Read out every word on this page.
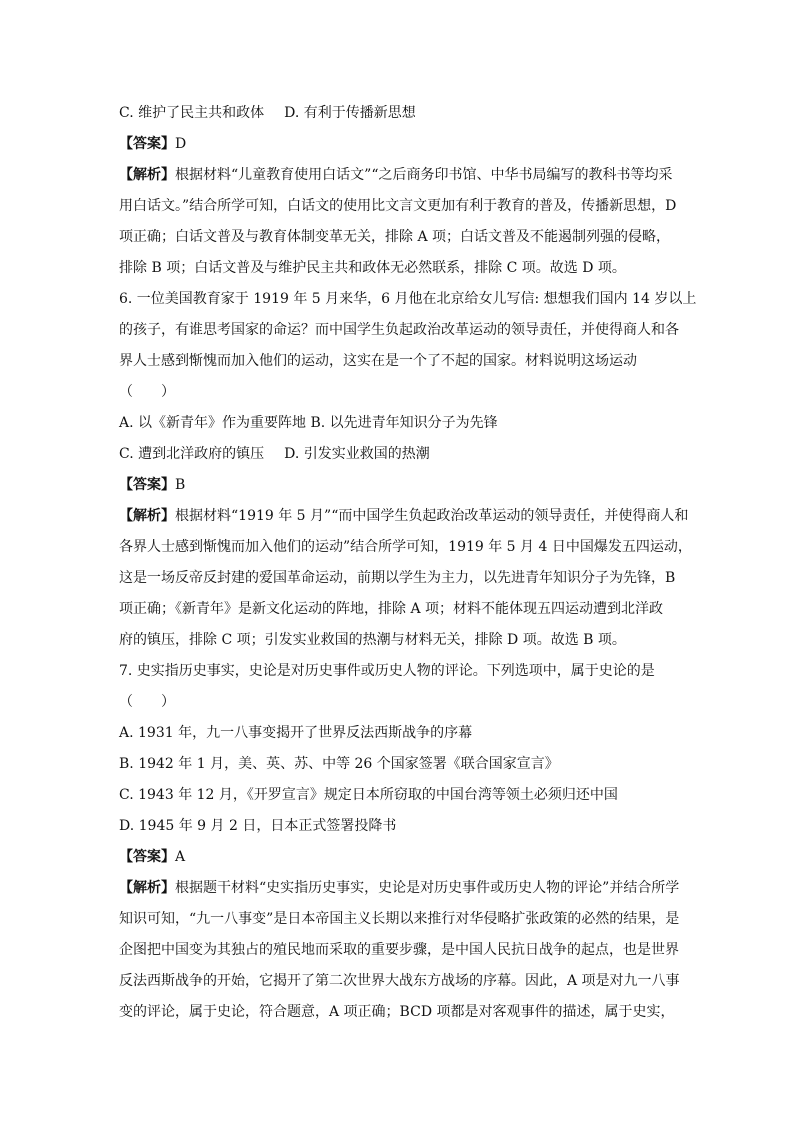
C. 维护了民主共和政体 D. 有利于传播新思想
【答案】D
【解析】根据材料“儿童教育使用白话文”“之后商务印书馆、中华书局编写的教科书等均采
用白话文。”结合所学可知，白话文的使用比文言文更加有利于教育的普及，传播新思想，D
项正确；白话文普及与教育体制变革无关，排除 A 项；白话文普及不能遏制列强的侵略，
排除 B 项；白话文普及与维护民主共和政体无必然联系，排除 C 项。故选 D 项。
6. 一位美国教育家于 1919 年 5 月来华，6 月他在北京给女儿写信: 想想我们国内 14 岁以上
的孩子，有谁思考国家的命运？而中国学生负起政治改革运动的领导责任，并使得商人和各
界人士感到惭愧而加入他们的运动，这实在是一个了不起的国家。材料说明这场运动
（　　）
A. 以《新青年》作为重要阵地 B. 以先进青年知识分子为先锋
C. 遭到北洋政府的镇压 D. 引发实业救国的热潮
【答案】B
【解析】根据材料“1919 年 5 月”“而中国学生负起政治改革运动的领导责任，并使得商人和
各界人士感到惭愧而加入他们的运动”结合所学可知，1919 年 5 月 4 日中国爆发五四运动，
这是一场反帝反封建的爱国革命运动，前期以学生为主力，以先进青年知识分子为先锋，B
项正确；《新青年》是新文化运动的阵地，排除 A 项；材料不能体现五四运动遭到北洋政
府的镇压，排除 C 项；引发实业救国的热潮与材料无关，排除 D 项。故选 B 项。
7. 史实指历史事实，史论是对历史事件或历史人物的评论。下列选项中，属于史论的是
（　　）
A. 1931 年，九一八事变揭开了世界反法西斯战争的序幕
B. 1942 年 1 月，美、英、苏、中等 26 个国家签署《联合国家宣言》
C. 1943 年 12 月，《开罗宣言》规定日本所窃取的中国台湾等领土必须归还中国
D. 1945 年 9 月 2 日，日本正式签署投降书
【答案】A
【解析】根据题干材料“史实指历史事实，史论是对历史事件或历史人物的评论”并结合所学
知识可知，“九一八事变”是日本帝国主义长期以来推行对华侵略扩张政策的必然的结果，是
企图把中国变为其独占的殖民地而采取的重要步骤，是中国人民抗日战争的起点，也是世界
反法西斯战争的开始，它揭开了第二次世界大战东方战场的序幕。因此，A 项是对九一八事
变的评论，属于史论，符合题意，A 项正确；BCD 项都是对客观事件的描述，属于史实，
